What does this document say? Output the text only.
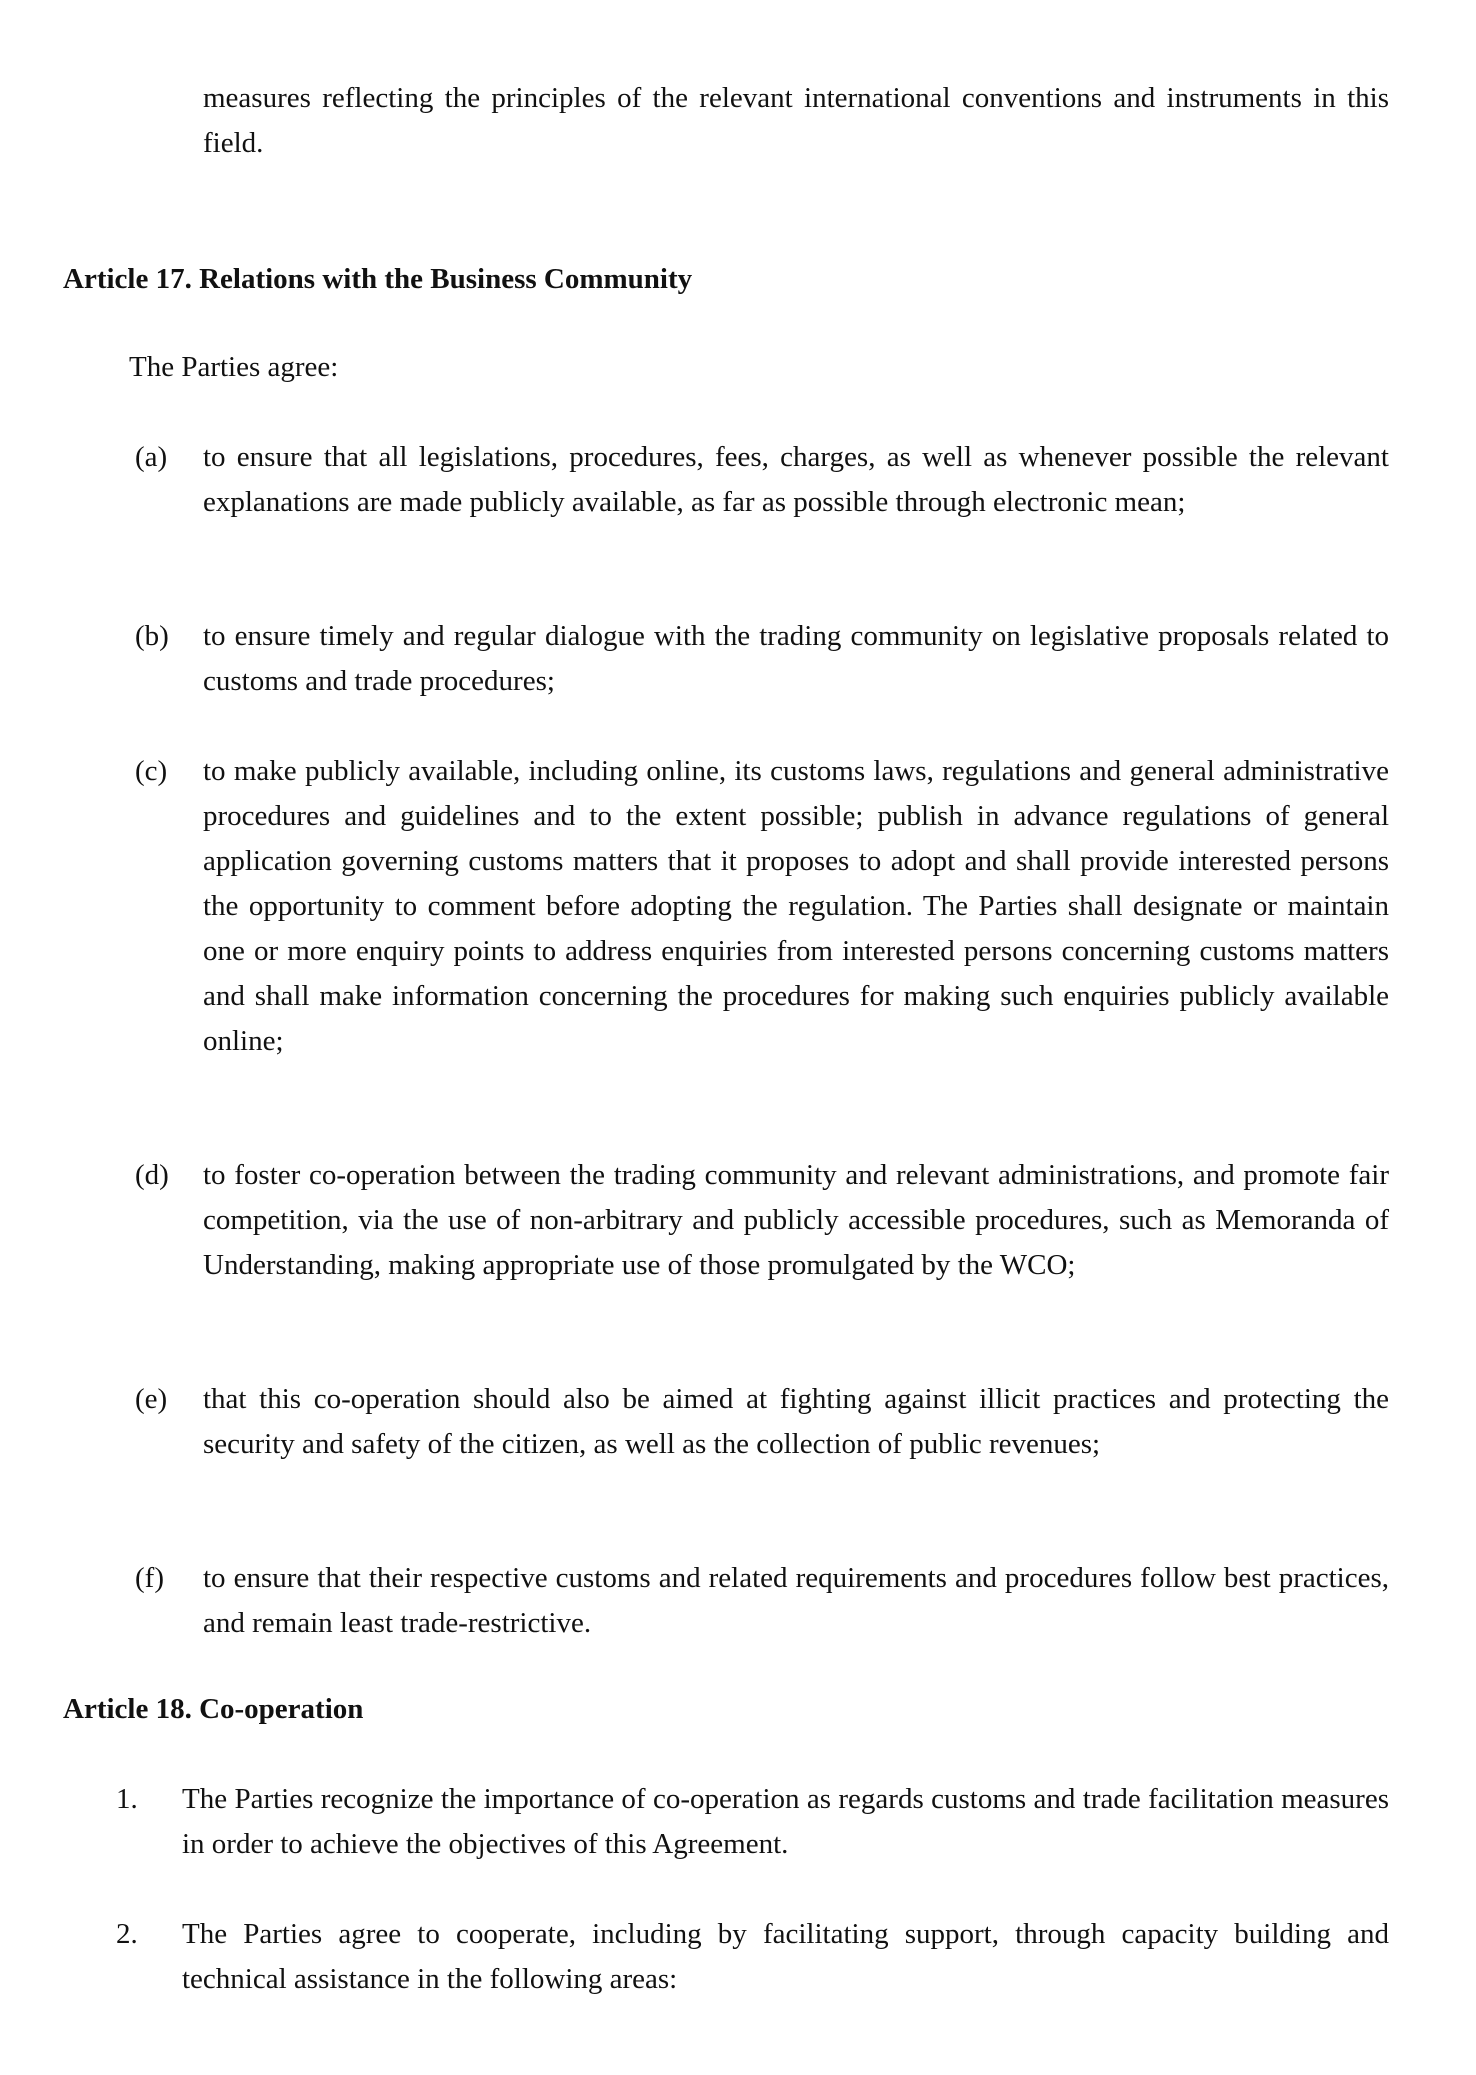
measures reflecting the principles of the relevant international conventions and instruments in this field.
Article 17. Relations with the Business Community
The Parties agree:
(a)	to ensure that all legislations, procedures, fees, charges, as well as whenever possible the relevant explanations are made publicly available, as far as possible through electronic mean;
(b)	to ensure timely and regular dialogue with the trading community on legislative proposals related to customs and trade procedures;
(c)	to make publicly available, including online, its customs laws, regulations and general administrative procedures and guidelines and to the extent possible; publish in advance regulations of general application governing customs matters that it proposes to adopt and shall provide interested persons the opportunity to comment before adopting the regulation. The Parties shall designate or maintain one or more enquiry points to address enquiries from interested persons concerning customs matters and shall make information concerning the procedures for making such enquiries publicly available online;
(d)	to foster co-operation between the trading community and relevant administrations, and promote fair competition, via the use of non-arbitrary and publicly accessible procedures, such as Memoranda of Understanding, making appropriate use of those promulgated by the WCO;
(e)	that this co-operation should also be aimed at fighting against illicit practices and protecting the security and safety of the citizen, as well as the collection of public revenues;
(f)	to ensure that their respective customs and related requirements and procedures follow best practices, and remain least trade-restrictive.
Article 18. Co-operation
1.	The Parties recognize the importance of co-operation as regards customs and trade facilitation measures in order to achieve the objectives of this Agreement.
2.	The Parties agree to cooperate, including by facilitating support, through capacity building and technical assistance in the following areas:
